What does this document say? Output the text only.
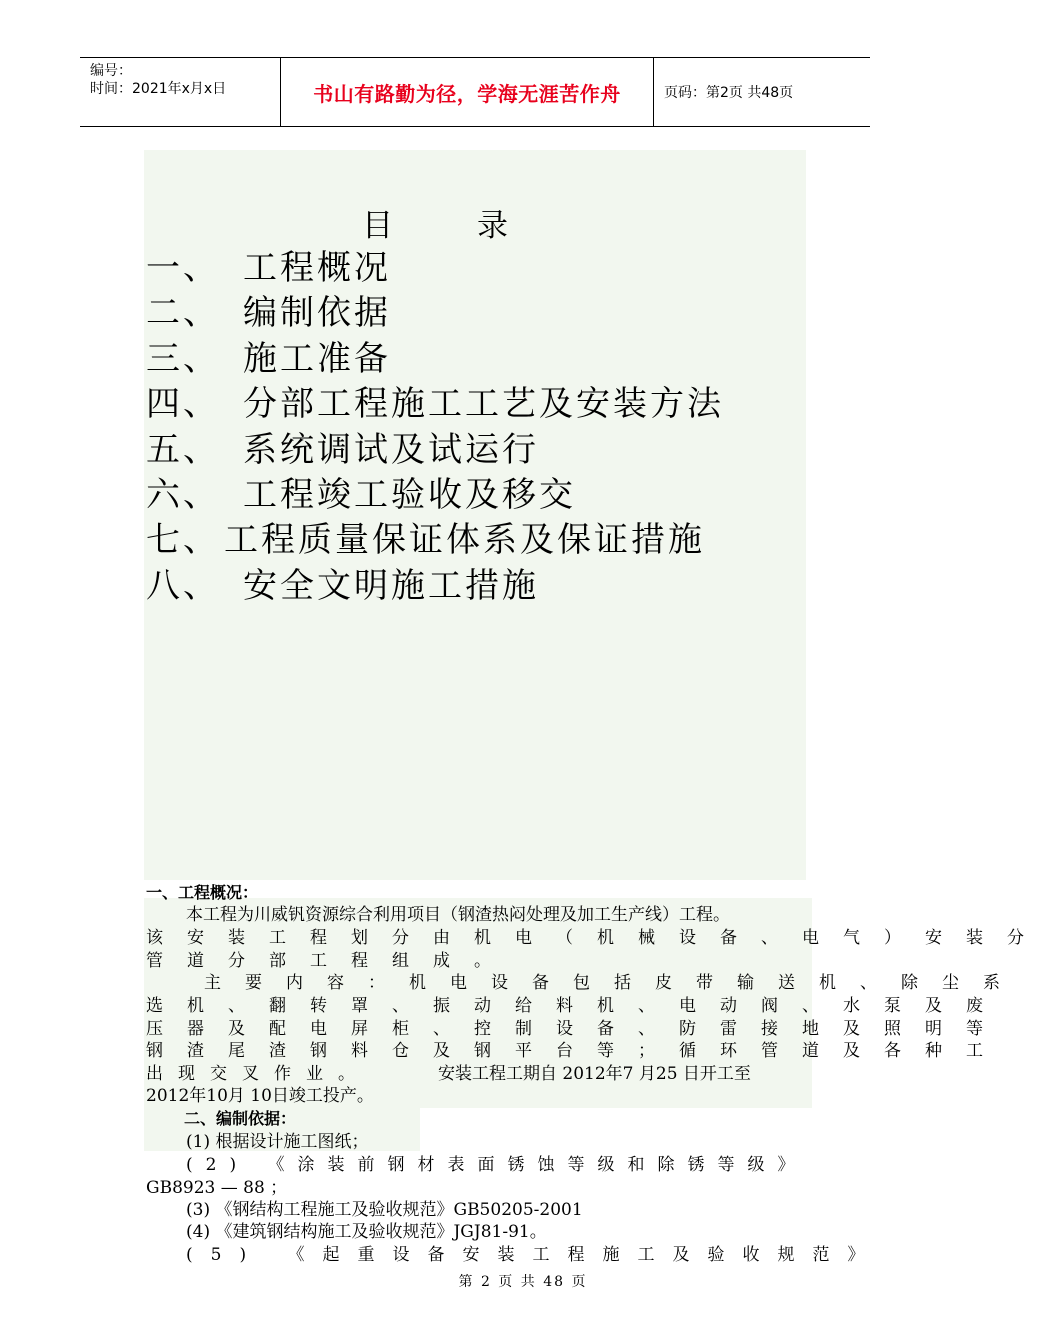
编号：
时间：2021年x月x日	书山有路勤为径，学海无涯苦作舟	页码：第2页 共48页
目	录
一、 工程概况
二、 编制依据
三、 施工准备
四、 分部工程施工工艺及安装方法
五、 系统调试及试运行
六、 工程竣工验收及移交
七、 工程质量保证体系及保证措施
八、 安全文明施工措施
一、工程概况：
本工程为川威钒资源综合利用项目（钢渣热闷处理及加工生产线）工程。
该安装工程划分由机电（机械设备、电气）安装分
管道分部工程组成。
主要内容：机电设备包括皮带输送机、除尘系
选机、翻转罩、振动给料机、电动阀、水泵及废
压器及配电屏柜、控制设备、防雷接地及照明等
钢渣尾渣钢料仓及钢平台等；循环管道及各种工
出现交叉作业。	安装工程工期自 2012年7 月25 日开工至
2012年10月 10日竣工投产。
二、编制依据：
(1) 根据设计施工图纸；
(2) 《涂装前钢材表面锈蚀等级和除锈等级》
GB8923 — 88 ；
(3) 《钢结构工程施工及验收规范》GB50205-2001
(4) 《建筑钢结构施工及验收规范》JGJ81-91。
(5) 《起重设备安装工程施工及验收规范》
第 2 页 共 48 页
